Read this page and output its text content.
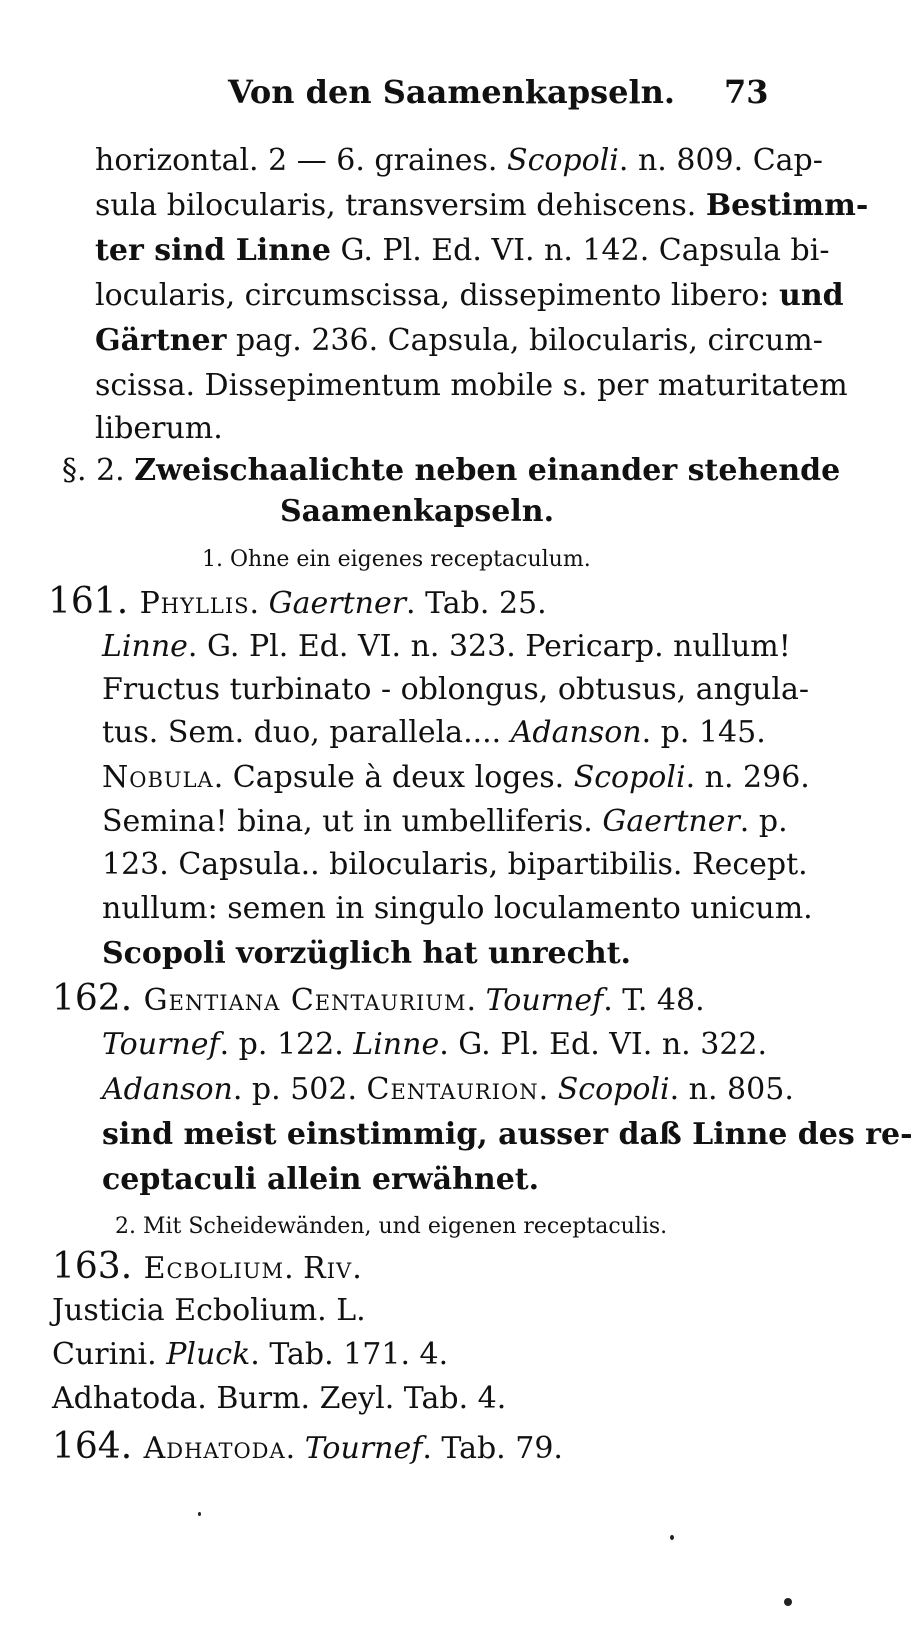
Von den Saamenkapseln. 73
horizontal. 2 — 6. graines. Scopoli. n. 809. Cap-
sula bilocularis, transversim dehiscens. Bestimm-
ter sind Linne G. Pl. Ed. VI. n. 142. Capsula bi-
locularis, circumscissa, dissepimento libero: und
Gärtner pag. 236. Capsula, bilocularis, circum-
scissa. Dissepimentum mobile s. per maturitatem
liberum.
§. 2. Zweischaalichte neben einander stehende
Saamenkapseln.
1. Ohne ein eigenes receptaculum.
161. Phyllis. Gaertner. Tab. 25.
Linne. G. Pl. Ed. VI. n. 323. Pericarp. nullum!
Fructus turbinato - oblongus, obtusus, angula-
tus. Sem. duo, parallela.... Adanson. p. 145.
Nobula. Capsule à deux loges. Scopoli. n. 296.
Semina! bina, ut in umbelliferis. Gaertner. p.
123. Capsula.. bilocularis, bipartibilis. Recept.
nullum: semen in singulo loculamento unicum.
Scopoli vorzüglich hat unrecht.
162. Gentiana Centaurium. Tournef. T. 48.
Tournef. p. 122. Linne. G. Pl. Ed. VI. n. 322.
Adanson. p. 502. Centaurion. Scopoli. n. 805.
sind meist einstimmig, ausser daß Linne des re-
ceptaculi allein erwähnet.
2. Mit Scheidewänden, und eigenen receptaculis.
163. Ecbolium. Riv.
Justicia Ecbolium. L.
Curini. Pluck. Tab. 171. 4.
Adhatoda. Burm. Zeyl. Tab. 4.
164. Adhatoda. Tournef. Tab. 79.
